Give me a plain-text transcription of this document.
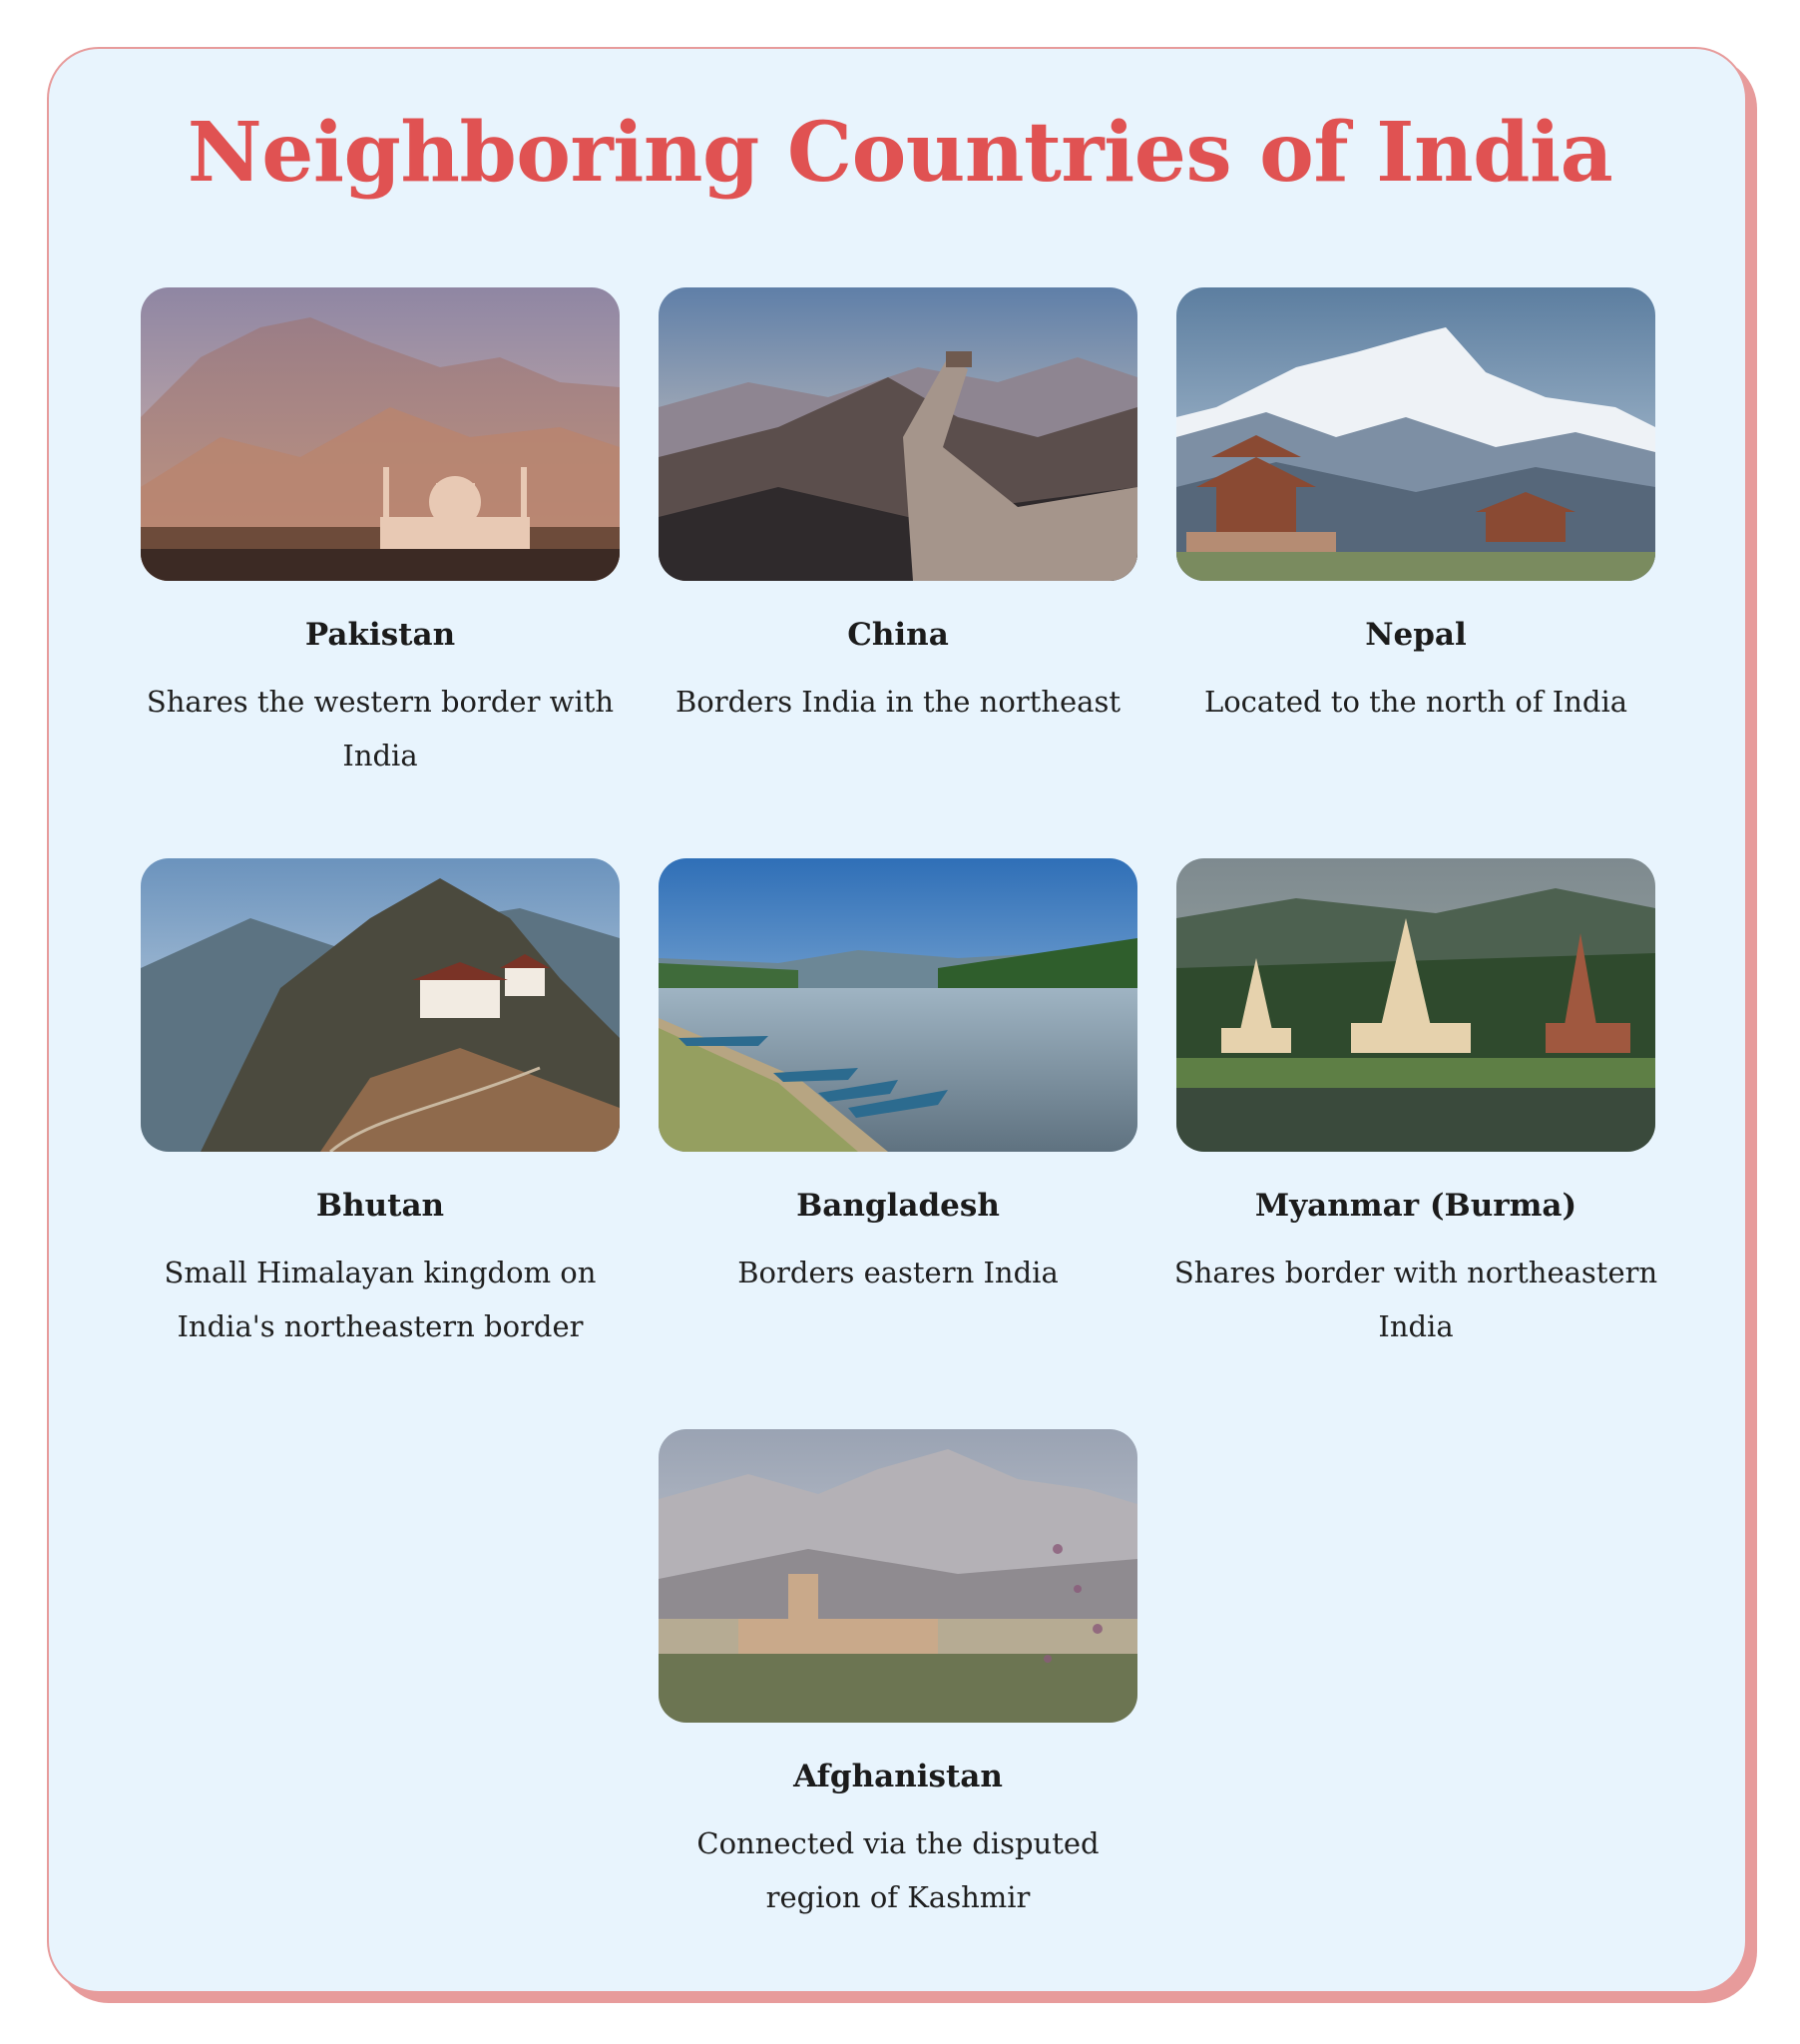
Neighboring Countries of India
Pakistan
Shares the western border with India
China
Borders India in the northeast
Nepal
Located to the north of India
Bhutan
Small Himalayan kingdom on India's northeastern border
Bangladesh
Borders eastern India
Myanmar (Burma)
Shares border with northeastern India
Afghanistan
Connected via the disputed region of Kashmir
